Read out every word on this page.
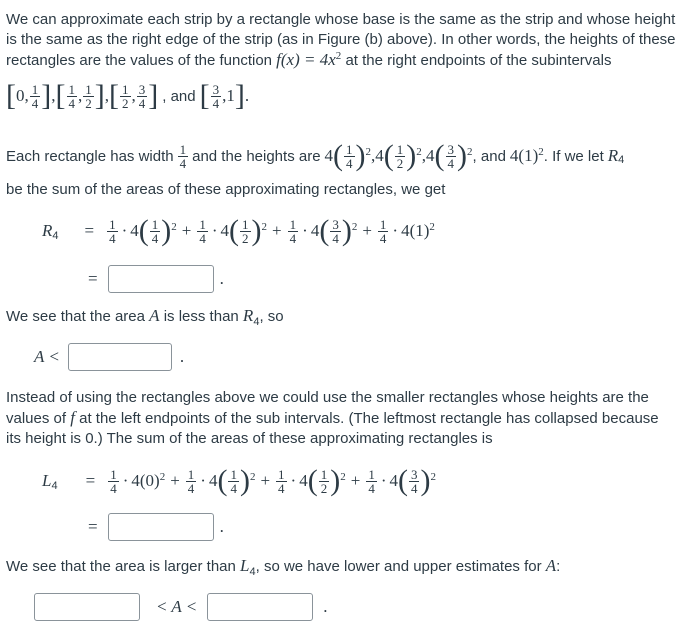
We can approximate each strip by a rectangle whose base is the same as the strip and whose height
is the same as the right edge of the strip (as in Figure (b) above). In other words, the heights of these
rectangles are the values of the function $f(x) = 4x^2$ at the right endpoints of the subintervals
[ 0 , $\frac{1}{4}$ ] , [ $\frac{1}{4}$ , $\frac{1}{2}$ ] , [ $\frac{1}{2}$ , $\frac{3}{4}$ ] , and [ $\frac{3}{4}$ , 1 ] .
Each rectangle has width $\frac{1}{4}$ and the heights are 4 ( $\frac{1}{4}$ ) 2 , 4 ( $\frac{1}{2}$ ) 2 , 4 ( $\frac{3}{4}$ ) 2 , and 4(1) 2 . If we let R 4
be the sum of the areas of these approximating rectangles, we get
R $4 = \frac{1}{4} \cdot 4$ ( $\frac{1}{4}$ ) $2 + \frac{1}{4} \cdot 4$ ( $\frac{1}{2}$ ) $2 + \frac{1}{4} \cdot 4$ ( $\frac{3}{4}$ ) $2 + \frac{1}{4} \cdot 4(1)$ 2
=	.
We see that the area A is less than $R_4$, so
A <	.
Instead of using the rectangles above we could use the smaller rectangles whose heights are the
values of f at the left endpoints of the sub intervals. (The leftmost rectangle has collapsed because
its height is 0.) The sum of the areas of these approximating rectangles is
L $4 = \frac{1}{4} \cdot 4(0) 2 + \frac{1}{4} \cdot 4$ ( $\frac{1}{4}$ ) $2 + \frac{1}{4} \cdot 4$ ( $\frac{1}{2}$ ) $2 + \frac{1}{4} \cdot 4$ ( $\frac{3}{4}$ ) 2
=	.
We see that the area is larger than $L_4$, so we have lower and upper estimates for A:
< A <	.
